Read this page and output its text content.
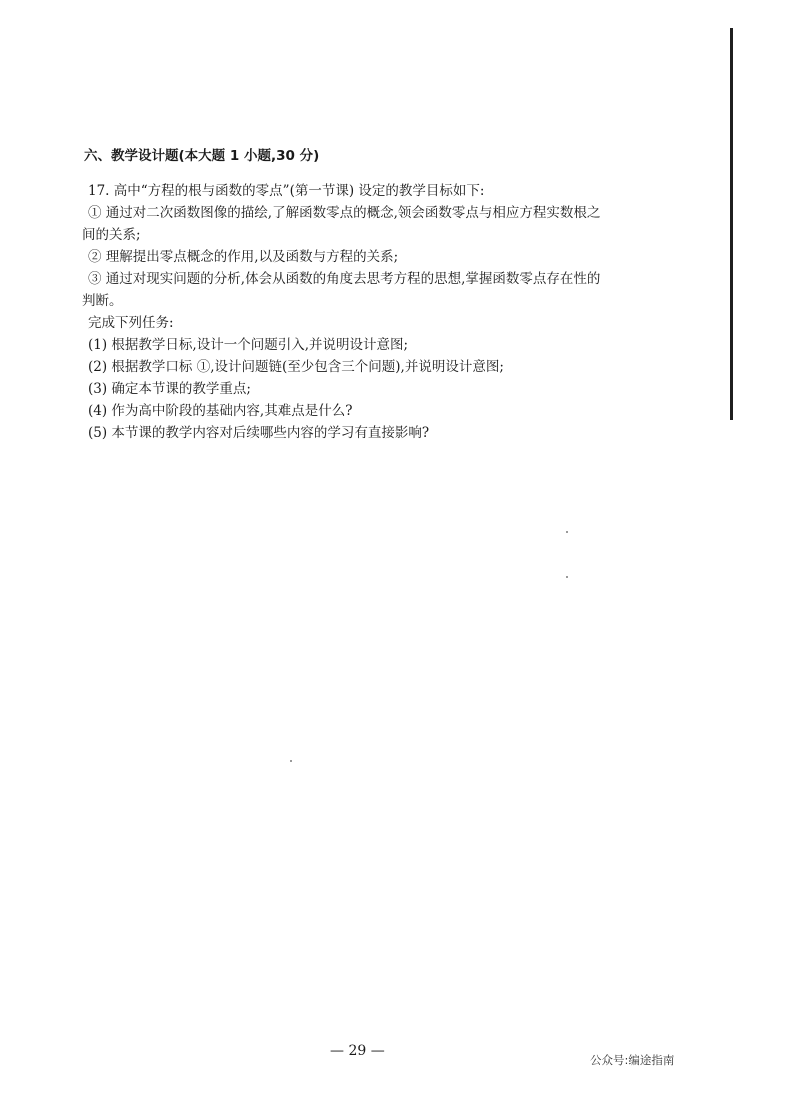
六、教学设计题(本大题 1 小题,30 分)
17. 高中“方程的根与函数的零点”(第一节课) 设定的教学目标如下:
① 通过对二次函数图像的描绘,了解函数零点的概念,领会函数零点与相应方程实数根之
间的关系;
② 理解提出零点概念的作用,以及函数与方程的关系;
③ 通过对现实问题的分析,体会从函数的角度去思考方程的思想,掌握函数零点存在性的
判断。
完成下列任务:
(1) 根据教学日标,设计一个问题引入,并说明设计意图;
(2) 根据教学口标 ①,设计问题链(至少包含三个问题),并说明设计意图;
(3) 确定本节课的教学重点;
(4) 作为高中阶段的基础内容,其难点是什么?
(5) 本节课的教学内容对后续哪些内容的学习有直接影响?
— 29 —
公众号:编途指南
